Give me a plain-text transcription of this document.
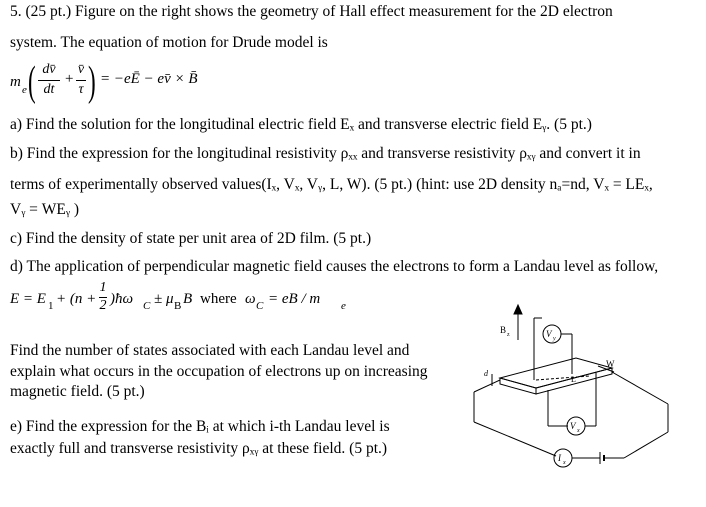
5. (25 pt.) Figure on the right shows the geometry of Hall effect measurement for the 2D electron
system. The equation of motion for Drude model is
m e ( dv̄
dt
+
v̄
τ ) = −eĒ − ev̄ × B̄
a) Find the solution for the longitudinal electric field Eₓ and transverse electric field Eᵧ. (5 pt.)
b) Find the expression for the longitudinal resistivity ρₓₓ and transverse resistivity ρₓᵧ and convert it in
terms of experimentally observed values(Iₓ, Vₓ, Vᵧ, L, W). (5 pt.) (hint: use 2D density nₐ=nd, Vₓ = LEₓ,
Vᵧ = WEᵧ )
c) Find the density of state per unit area of 2D film. (5 pt.)
d) The application of perpendicular magnetic field causes the electrons to form a Landau level as follow,
E = E 1 + (n +
1
2 )ħω C ± μ B B where ω C = eB / m e
Find the number of states associated with each Landau level and
explain what occurs in the occupation of electrons up on increasing
magnetic field. (5 pt.)
e) Find the expression for the Bᵢ at which i-th Landau level is
exactly full and transverse resistivity ρₓᵧ at these field. (5 pt.)
B z	V y
V x
I x
W
L
d
